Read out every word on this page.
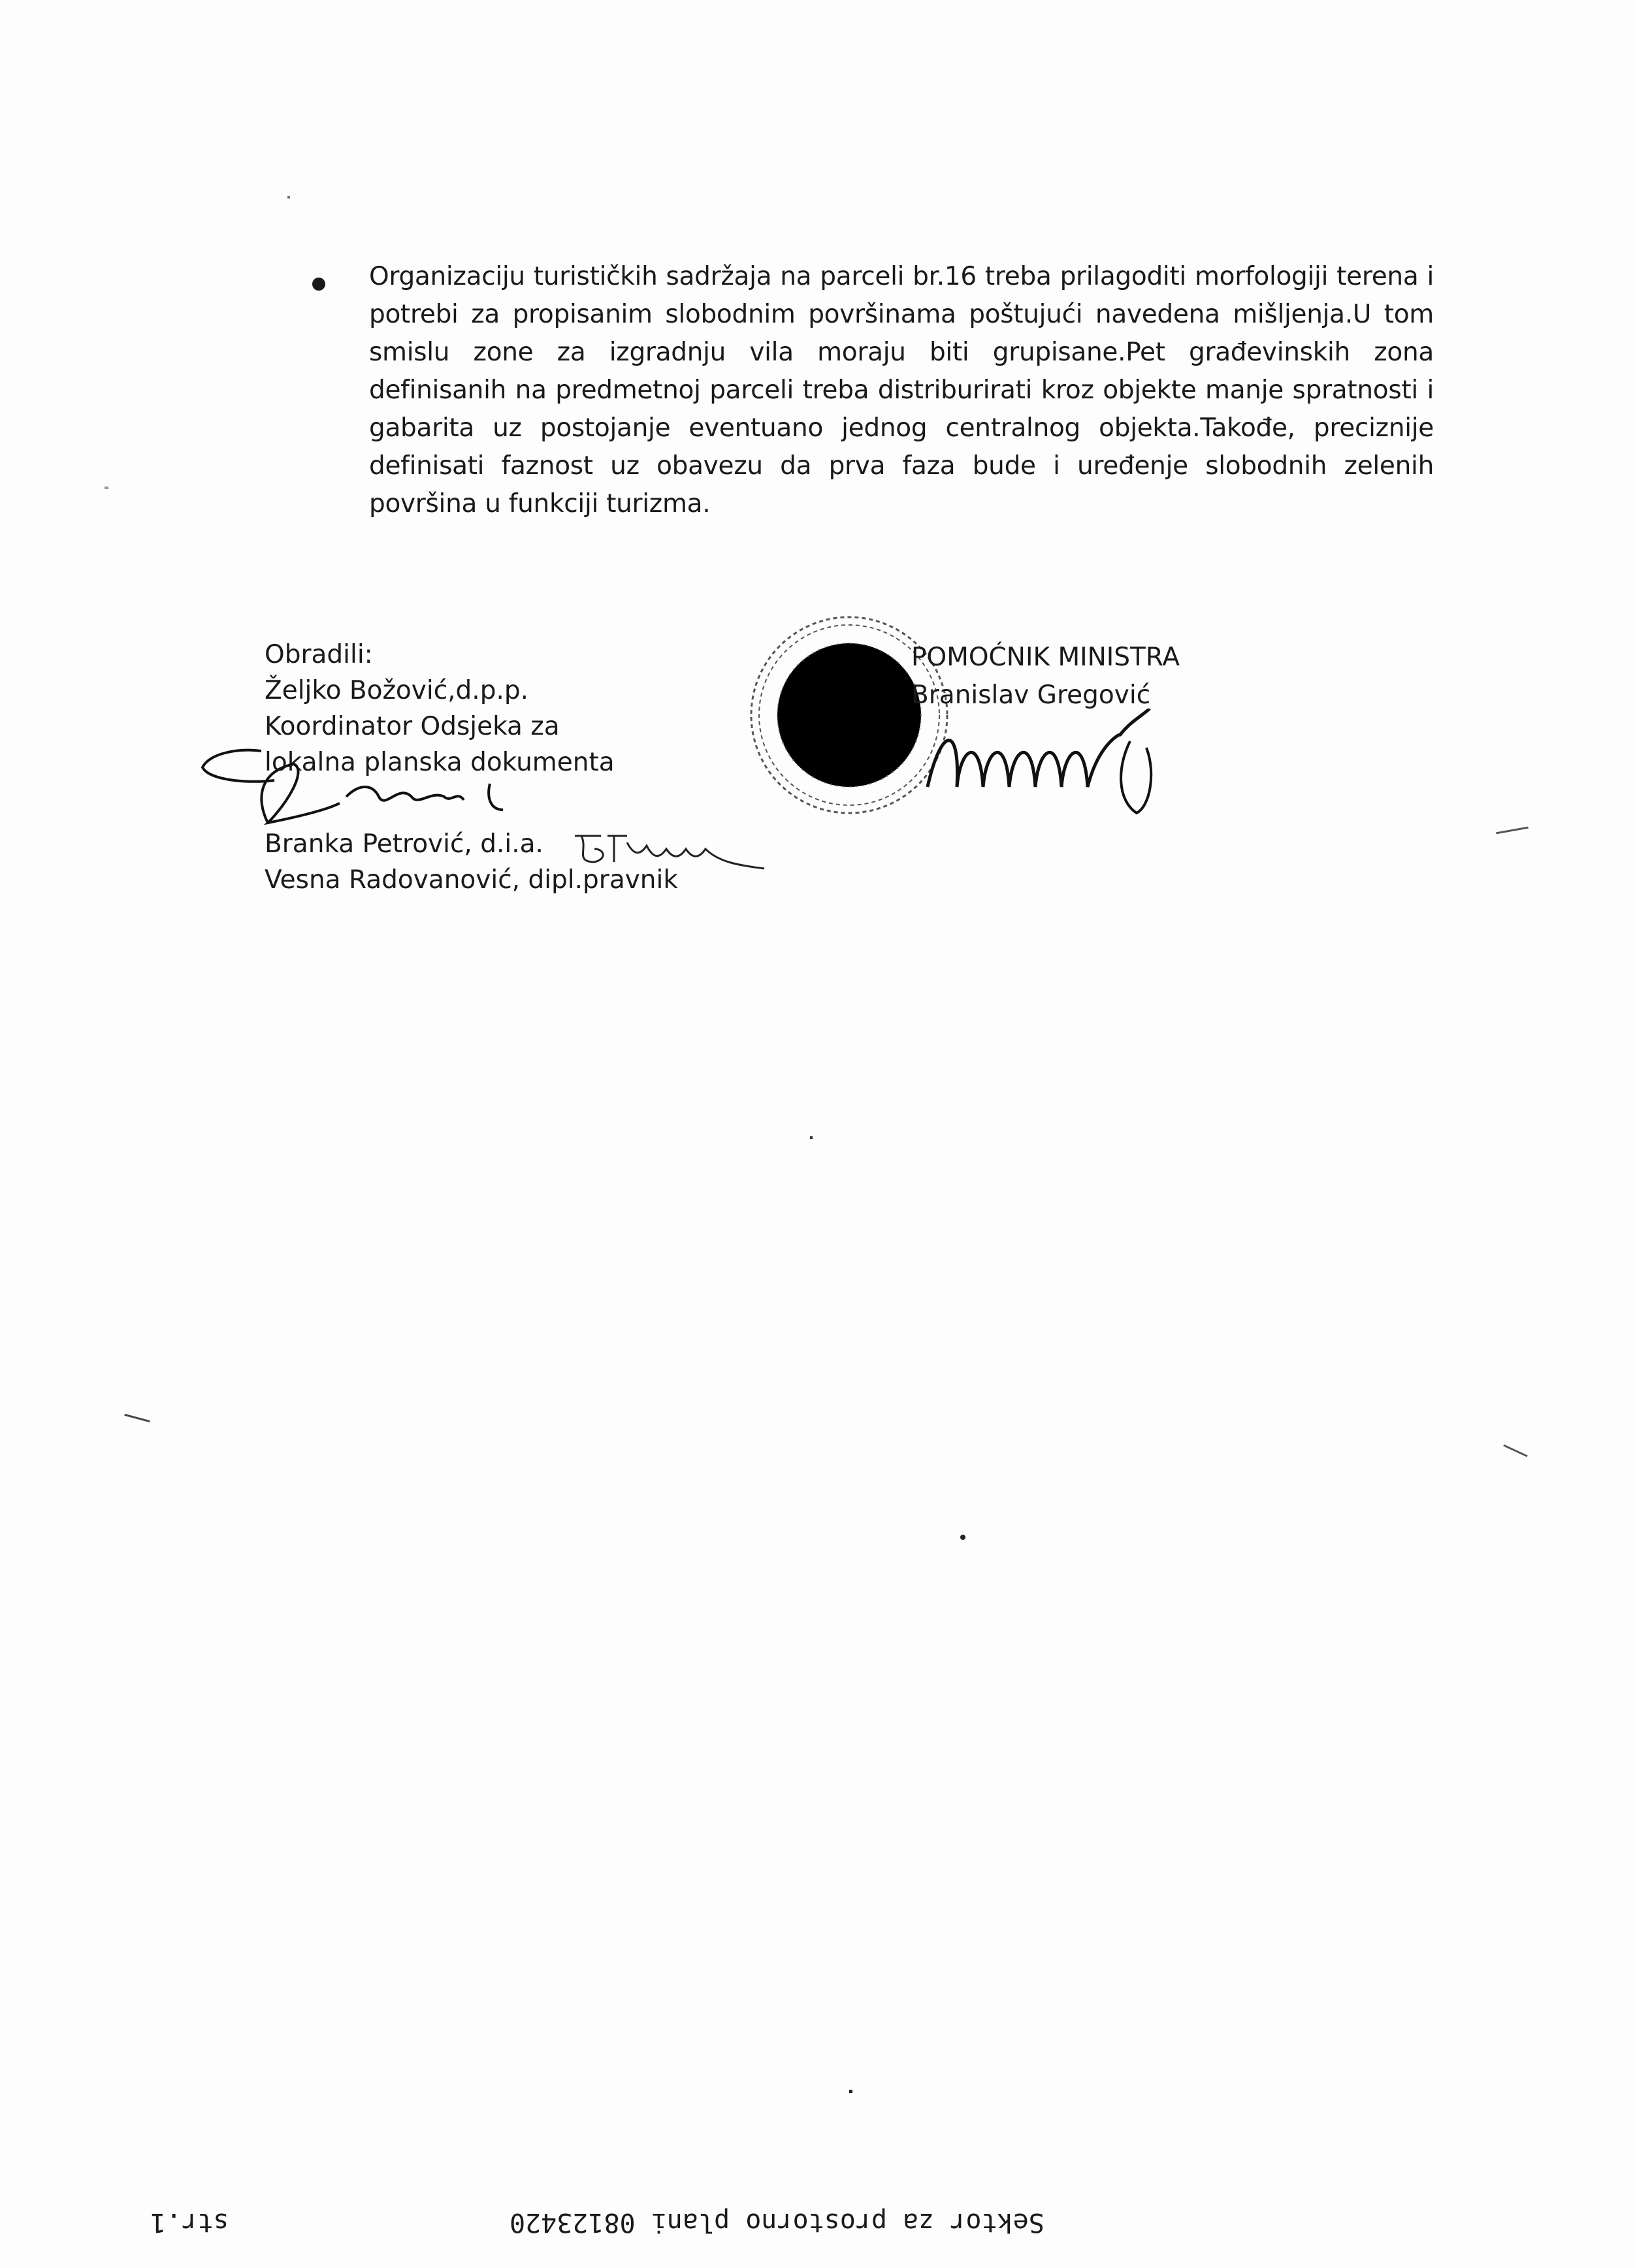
Organizaciju turističkih sadržaja na parceli br.16 treba prilagoditi morfologiji terena i potrebi za propisanim slobodnim površinama poštujući navedena mišljenja.U tom smislu zone za izgradnju vila moraju biti grupisane.Pet građevinskih zona definisanih na predmetnoj parceli treba distriburirati kroz objekte manje spratnosti i gabarita uz postojanje eventuano jednog centralnog objekta.Takođe, preciznije definisati faznost uz obavezu da prva faza bude i uređenje slobodnih zelenih površina u funkciji turizma.

Obradili:
Željko Božović,d.p.p.
Koordinator Odsjeka za
lokalna planska dokumenta
Branka Petrović, d.i.a.
Vesna Radovanović, dipl.pravnik
POMOĆNIK MINISTRA
Branislav Gregović
str.1	Sektor za prostorno plani 08123420
